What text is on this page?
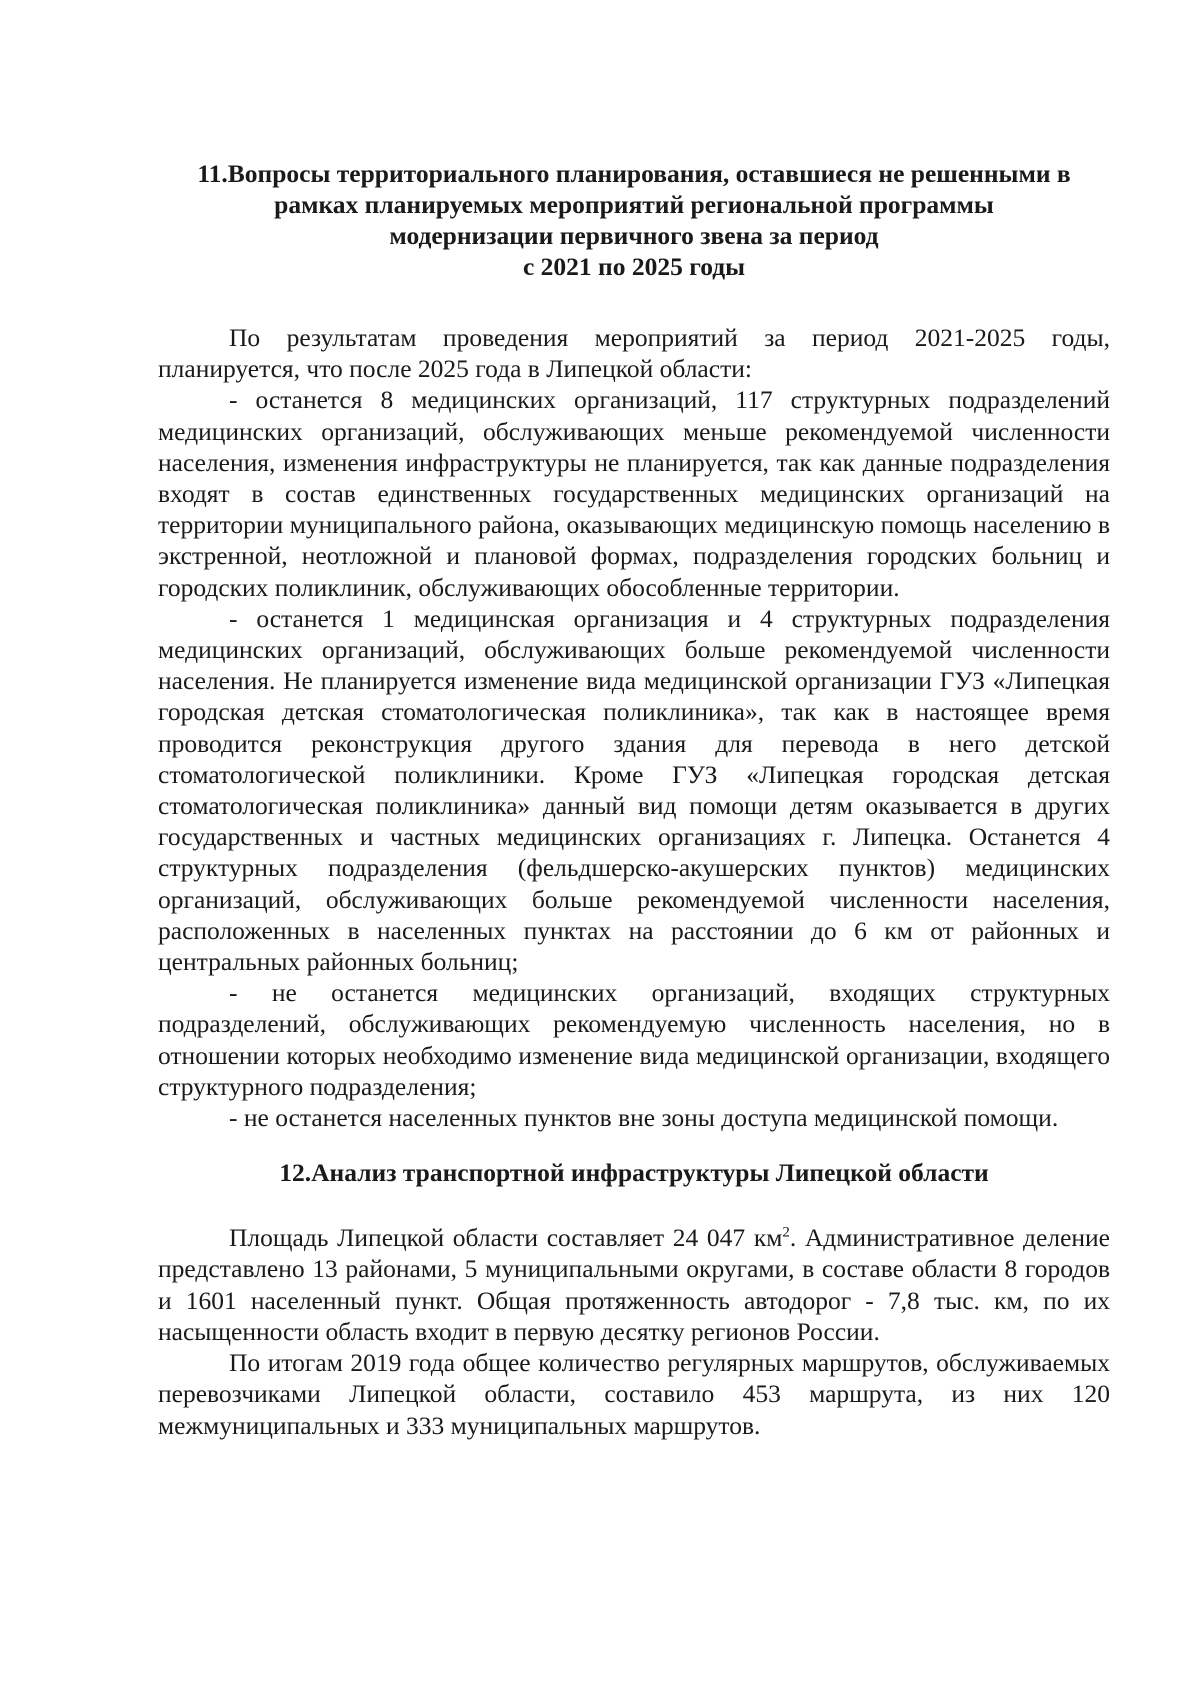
11.Вопросы территориального планирования, оставшиеся не решенными в
рамках планируемых мероприятий региональной программы
модернизации первичного звена за период
с 2021 по 2025 годы

По результатам проведения мероприятий за период 2021-2025 годы, планируется, что после 2025 года в Липецкой области:

- останется 8 медицинских организаций, 117 структурных подразделений медицинских организаций, обслуживающих меньше рекомендуемой численности населения, изменения инфраструктуры не планируется, так как данные подразделения входят в состав единственных государственных медицинских организаций на территории муниципального района, оказывающих медицинскую помощь населению в экстренной, неотложной и плановой формах, подразделения городских больниц и городских поликлиник, обслуживающих обособленные территории.

- останется 1 медицинская организация и 4 структурных подразделения медицинских организаций, обслуживающих больше рекомендуемой численности населения. Не планируется изменение вида медицинской организации ГУЗ «Липецкая городская детская стоматологическая поликлиника», так как в настоящее время проводится реконструкция другого здания для перевода в него детской стоматологической поликлиники. Кроме ГУЗ «Липецкая городская детская стоматологическая поликлиника» данный вид помощи детям оказывается в других государственных и частных медицинских организациях г. Липецка. Останется 4 структурных подразделения (фельдшерско-акушерских пунктов) медицинских организаций, обслуживающих больше рекомендуемой численности населения, расположенных в населенных пунктах на расстоянии до 6 км от районных и центральных районных больниц;

- не останется медицинских организаций, входящих структурных подразделений, обслуживающих рекомендуемую численность населения, но в отношении которых необходимо изменение вида медицинской организации, входящего структурного подразделения;

- не останется населенных пунктов вне зоны доступа медицинской помощи.

12.Анализ транспортной инфраструктуры Липецкой области

Площадь Липецкой области составляет 24 047 $км^2$. Административное деление представлено 13 районами, 5 муниципальными округами, в составе области 8 городов и 1601 населенный пункт. Общая протяженность автодорог - 7,8 тыс. км, по их насыщенности область входит в первую десятку регионов России.

По итогам 2019 года общее количество регулярных маршрутов, обслуживаемых перевозчиками Липецкой области, составило 453 маршрута, из них 120 межмуниципальных и 333 муниципальных маршрутов.
